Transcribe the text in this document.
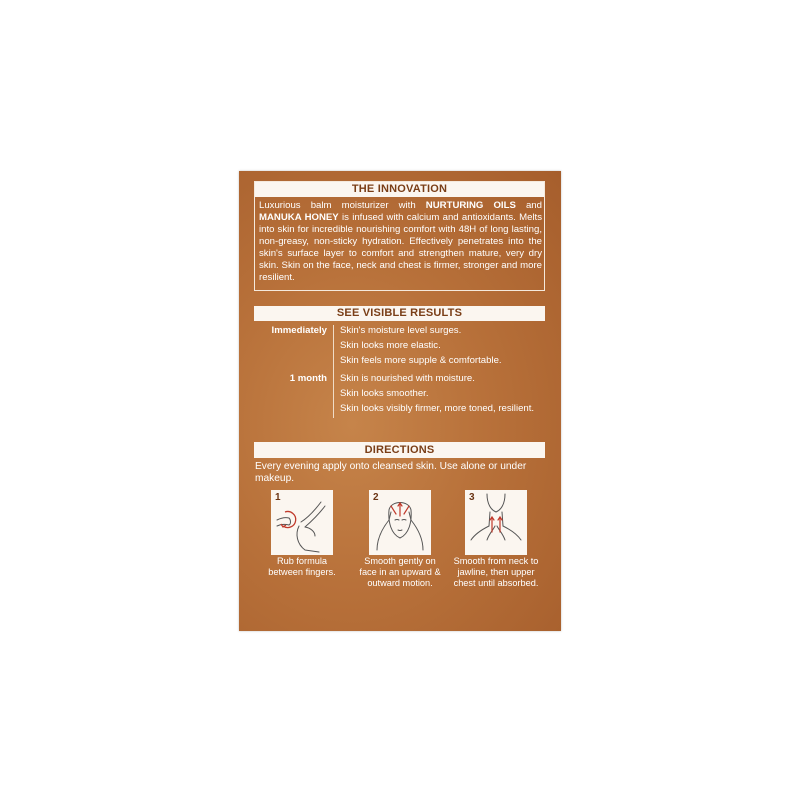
THE INNOVATION
Luxurious balm moisturizer with NURTURING OILS and MANUKA HONEY is infused with calcium and antioxidants. Melts into skin for incredible nourishing comfort with 48H of long lasting, non-greasy, non-sticky hydration. Effectively penetrates into the skin's surface layer to comfort and strengthen mature, very dry skin. Skin on the face, neck and chest is firmer, stronger and more resilient.
SEE VISIBLE RESULTS
Immediately	Skin's moisture level surges.
Skin looks more elastic.
Skin feels more supple & comfortable.
1 month	Skin is nourished with moisture.
Skin looks smoother.
Skin looks visibly firmer, more toned, resilient.
DIRECTIONS
Every evening apply onto cleansed skin. Use alone or under makeup.
1
Rub formula between fingers.
2
Smooth gently on face in an upward & outward motion.
3
Smooth from neck to jawline, then upper chest until absorbed.
